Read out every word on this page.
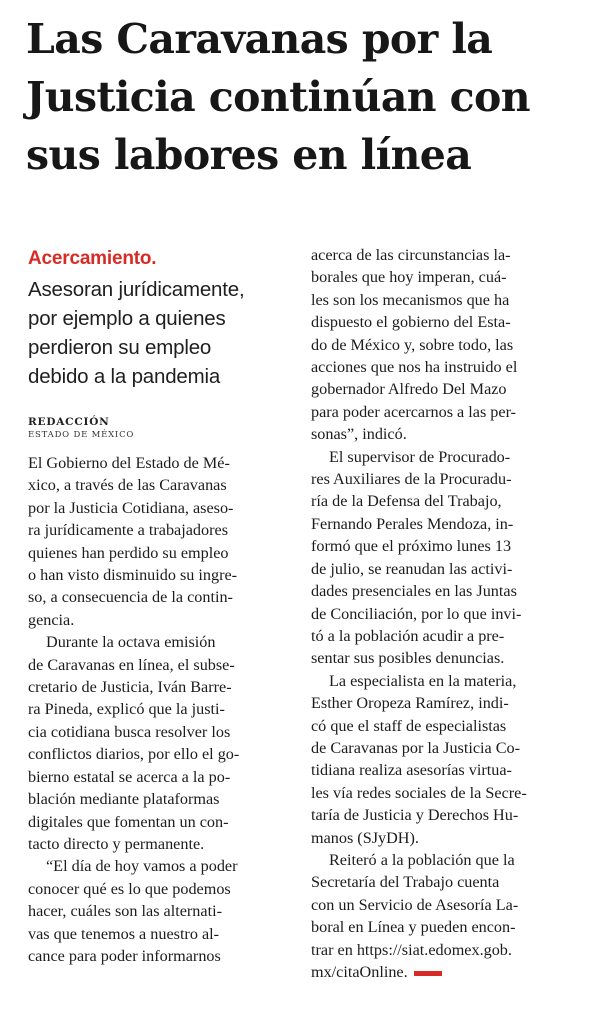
Las Caravanas por la
Justicia continúan con
sus labores en línea
Acercamiento.
Asesoran jurídicamente,
por ejemplo a quienes
perdieron su empleo
debido a la pandemia
REDACCIÓN
ESTADO DE MÉXICO
El Gobierno del Estado de Mé-
xico, a través de las Caravanas
por la Justicia Cotidiana, aseso-
ra jurídicamente a trabajadores
quienes han perdido su empleo
o han visto disminuido su ingre-
so, a consecuencia de la contin-
gencia.
Durante la octava emisión
de Caravanas en línea, el subse-
cretario de Justicia, Iván Barre-
ra Pineda, explicó que la justi-
cia cotidiana busca resolver los
conflictos diarios, por ello el go-
bierno estatal se acerca a la po-
blación mediante plataformas
digitales que fomentan un con-
tacto directo y permanente.
“El día de hoy vamos a poder
conocer qué es lo que podemos
hacer, cuáles son las alternati-
vas que tenemos a nuestro al-
cance para poder informarnos
acerca de las circunstancias la-
borales que hoy imperan, cuá-
les son los mecanismos que ha
dispuesto el gobierno del Esta-
do de México y, sobre todo, las
acciones que nos ha instruido el
gobernador Alfredo Del Mazo
para poder acercarnos a las per-
sonas”, indicó.
El supervisor de Procurado-
res Auxiliares de la Procuradu-
ría de la Defensa del Trabajo,
Fernando Perales Mendoza, in-
formó que el próximo lunes 13
de julio, se reanudan las activi-
dades presenciales en las Juntas
de Conciliación, por lo que invi-
tó a la población acudir a pre-
sentar sus posibles denuncias.
La especialista en la materia,
Esther Oropeza Ramírez, indi-
có que el staff de especialistas
de Caravanas por la Justicia Co-
tidiana realiza asesorías virtua-
les vía redes sociales de la Secre-
taría de Justicia y Derechos Hu-
manos (SJyDH).
Reiteró a la población que la
Secretaría del Trabajo cuenta
con un Servicio de Asesoría La-
boral en Línea y pueden encon-
trar en https://siat.edomex.gob.
mx/citaOnline.
